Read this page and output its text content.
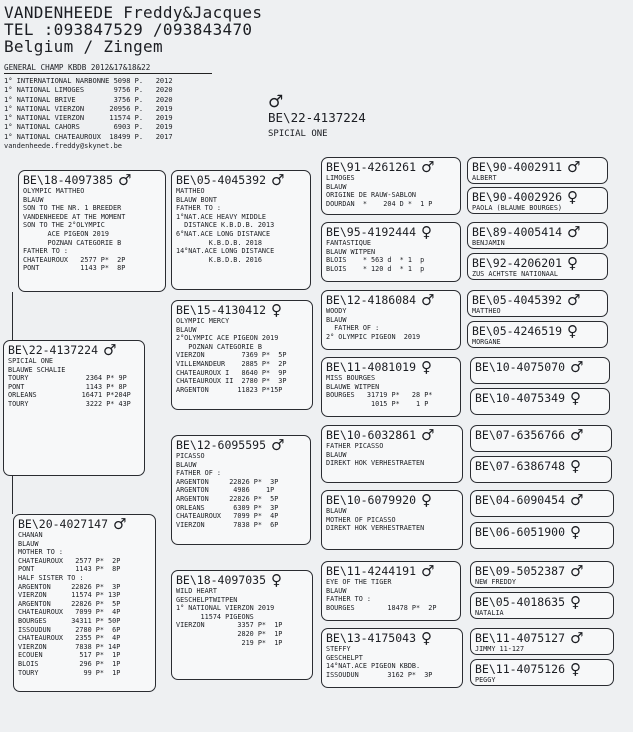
VANDENHEEDE Freddy&Jacques
TEL :093847529 /093843470
Belgium / Zingem
GENERAL CHAMP KBDB 2012&17&18&22
1° INTERNATIONAL NARBONNE 5098 P.   2012
1° NATIONAL LIMOGES       9756 P.   2020
1° NATIONAL BRIVE         3756 P.   2020
1° NATIONAL VIERZON      20956 P.   2019
1° NATIONAL VIERZON      11574 P.   2019
1° NATIONAL CAHORS        6903 P.   2019
1° NATIONAL CHATEAUROUX  18499 P.   2017
vandenheede.freddy@skynet.be
BE\22-4137224
♂
SPICIAL ONE
BE\22-4137224 ♂
SPICIAL ONE
BLAUWE SCHALIE
TOURY              2364 P* 9P
PONT               1143 P* 8P
ORLEANS           16471 P*204P
TOURY              3222 P* 43P
BE\18-4097385 ♂
OLYMPIC MATTHEO
BLAUW
SON TO THE NR. 1 BREEDER
VANDENHEEDE AT THE MOMENT
SON TO THE 2°OLYMPIC
ACE PIGEON 2019
POZNAN CATEGORIE B
FATHER TO :
CHATEAUROUX   2577 P*  2P
PONT          1143 P*  8P
BE\20-4027147 ♂
CHANAN
BLAUW
MOTHER TO :
CHATEAUROUX   2577 P*  2P
PONT          1143 P*  8P
HALF SISTER TO :
ARGENTON     22826 P*  3P
VIERZON      11574 P* 13P
ARGENTON     22826 P*  5P
CHATEAUROUX   7099 P*  4P
BOURGES      34311 P* 50P
ISSOUDUN      2780 P*  6P
CHATEAUROUX   2355 P*  4P
VIERZON       7838 P* 14P
ECOUEN         517 P*  1P
BLOIS          296 P*  1P
TOURY           99 P*  1P
BE\05-4045392 ♂
MATTHEO
BLAUW BONT
FATHER TO :
1°NAT.ACE HEAVY MIDDLE
DISTANCE K.B.D.B. 2013
6°NAT.ACE LONG DISTANCE
K.B.D.B. 2018
14°NAT.ACE LONG DISTANCE
K.B.D.B. 2016
BE\15-4130412 ♀
OLYMPIC MERCY
BLAUW
2°OLYMPIC ACE PIGEON 2019
POZNAN CATEGORIE B
VIERZON         7369 P*  5P
VILLEMANDEUR    2885 P*  2P
CHATEAUROUX I   8640 P*  9P
CHATEAUROUX II  2780 P*  3P
ARGENTON       11823 P*15P
BE\12-6095595 ♂
PICASSO
BLAUW
FATHER OF :
ARGENTON     22826 P*  3P
ARGENTON      4986    1P
ARGENTON     22826 P*  5P
ORLEANS       6309 P*  3P
CHATEAUROUX   7099 P*  4P
VIERZON       7838 P*  6P
BE\18-4097035 ♀
WILD HEART
GESCHELPTWITPEN
1° NATIONAL VIERZON 2019
11574 PIGEONS
VIERZON        3357 P*  1P
2820 P*  1P
219 P*  1P
BE\91-4261261 ♂
LIMOGES
BLAUW
ORIGINE DE RAUW-SABLON
DOURDAN  *    204 D *  1 P
BE\95-4192444 ♀
FANTASTIQUE
BLAUW WITPEN
BLOIS    * 563 d  * 1  p
BLOIS    * 120 d  * 1  p
BE\12-4186084 ♂
WOODY
BLAUW
FATHER OF :
2° OLYMPIC PIGEON  2019
BE\11-4081019 ♀
MISS BOURGES
BLAUWE WITPEN
BOURGES   31719 P*   28 P*
1015 P*    1 P
BE\10-6032861 ♂
FATHER PICASSO
BLAUW
DIREKT HOK VERHESTRAETEN
BE\10-6079920 ♀
BLAUW
MOTHER OF PICASSO
DIREKT HOK VERHESTRAETEN
BE\11-4244191 ♂
EYE OF THE TIGER
BLAUW
FATHER TO :
BOURGES        18478 P*  2P
BE\13-4175043 ♀
STEFFY
GESCHELPT
14°NAT.ACE PIGEON KBDB.
ISSOUDUN       3162 P*  3P
BE\90-4002911 ♂
ALBERT
BE\90-4002926 ♀
PAOLA (BLAUWE BOURGES)
BE\89-4005414 ♂
BENJAMIN
BE\92-4206201 ♀
ZUS ACHTSTE NATIONAAL
BE\05-4045392 ♂
MATTHEO
BE\05-4246519 ♀
MORGANE
BE\10-4075070 ♂
BE\10-4075349 ♀
BE\07-6356766 ♂
BE\07-6386748 ♀
BE\04-6090454 ♂
BE\06-6051900 ♀
BE\09-5052387 ♂
NEW FREDDY
BE\05-4018635 ♀
NATALIA
BE\11-4075127 ♂
JIMMY 11-127
BE\11-4075126 ♀
PEGGY
